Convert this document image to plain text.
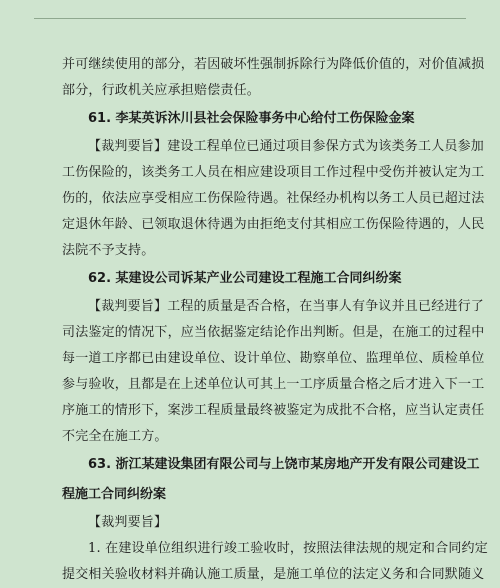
并可继续使用的部分，若因破坏性强制拆除行为降低价值的，对价值减损
部分，行政机关应承担赔偿责任。
61. 李某英诉沐川县社会保险事务中心给付工伤保险金案
【裁判要旨】建设工程单位已通过项目参保方式为该类务工人员参加
工伤保险的，该类务工人员在相应建设项目工作过程中受伤并被认定为工
伤的，依法应享受相应工伤保险待遇。社保经办机构以务工人员已超过法
定退休年龄、已领取退休待遇为由拒绝支付其相应工伤保险待遇的，人民
法院不予支持。
62. 某建设公司诉某产业公司建设工程施工合同纠纷案
【裁判要旨】工程的质量是否合格，在当事人有争议并且已经进行了
司法鉴定的情况下，应当依据鉴定结论作出判断。但是，在施工的过程中
每一道工序都已由建设单位、设计单位、勘察单位、监理单位、质检单位
参与验收，且都是在上述单位认可其上一工序质量合格之后才进入下一工
序施工的情形下，案涉工程质量最终被鉴定为成批不合格，应当认定责任
不完全在施工方。
63. 浙江某建设集团有限公司与上饶市某房地产开发有限公司建设工
程施工合同纠纷案
【裁判要旨】
1. 在建设单位组织进行竣工验收时，按照法律法规的规定和合同约定
提交相关验收材料并确认施工质量，是施工单位的法定义务和合同默随义
